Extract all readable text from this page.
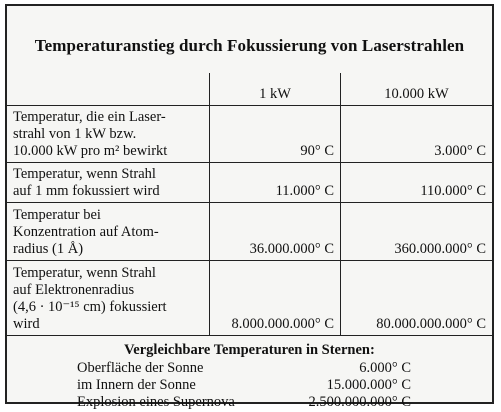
Temperaturanstieg durch Fokussierung von Laserstrahlen
	1 kW	10.000 kW

Temperatur, die ein Laser-
strahl von 1 kW bzw.
10.000 kW pro m² bewirkt	90° C	3.000° C

Temperatur, wenn Strahl
auf 1 mm fokussiert wird	11.000° C	110.000° C

Temperatur bei
Konzentration auf Atom-
radius (1 Å)	36.000.000° C	360.000.000° C

Temperatur, wenn Strahl
auf Elektronenradius
(4,6 · 10⁻¹⁵ cm) fokussiert
wird	8.000.000.000° C	80.000.000.000° C
Vergleichbare Temperaturen in Sternen:
Oberfläche der Sonne	6.000° C
im Innern der Sonne	15.000.000° C
Explosion eines Supernova	2.500.000.000° C
